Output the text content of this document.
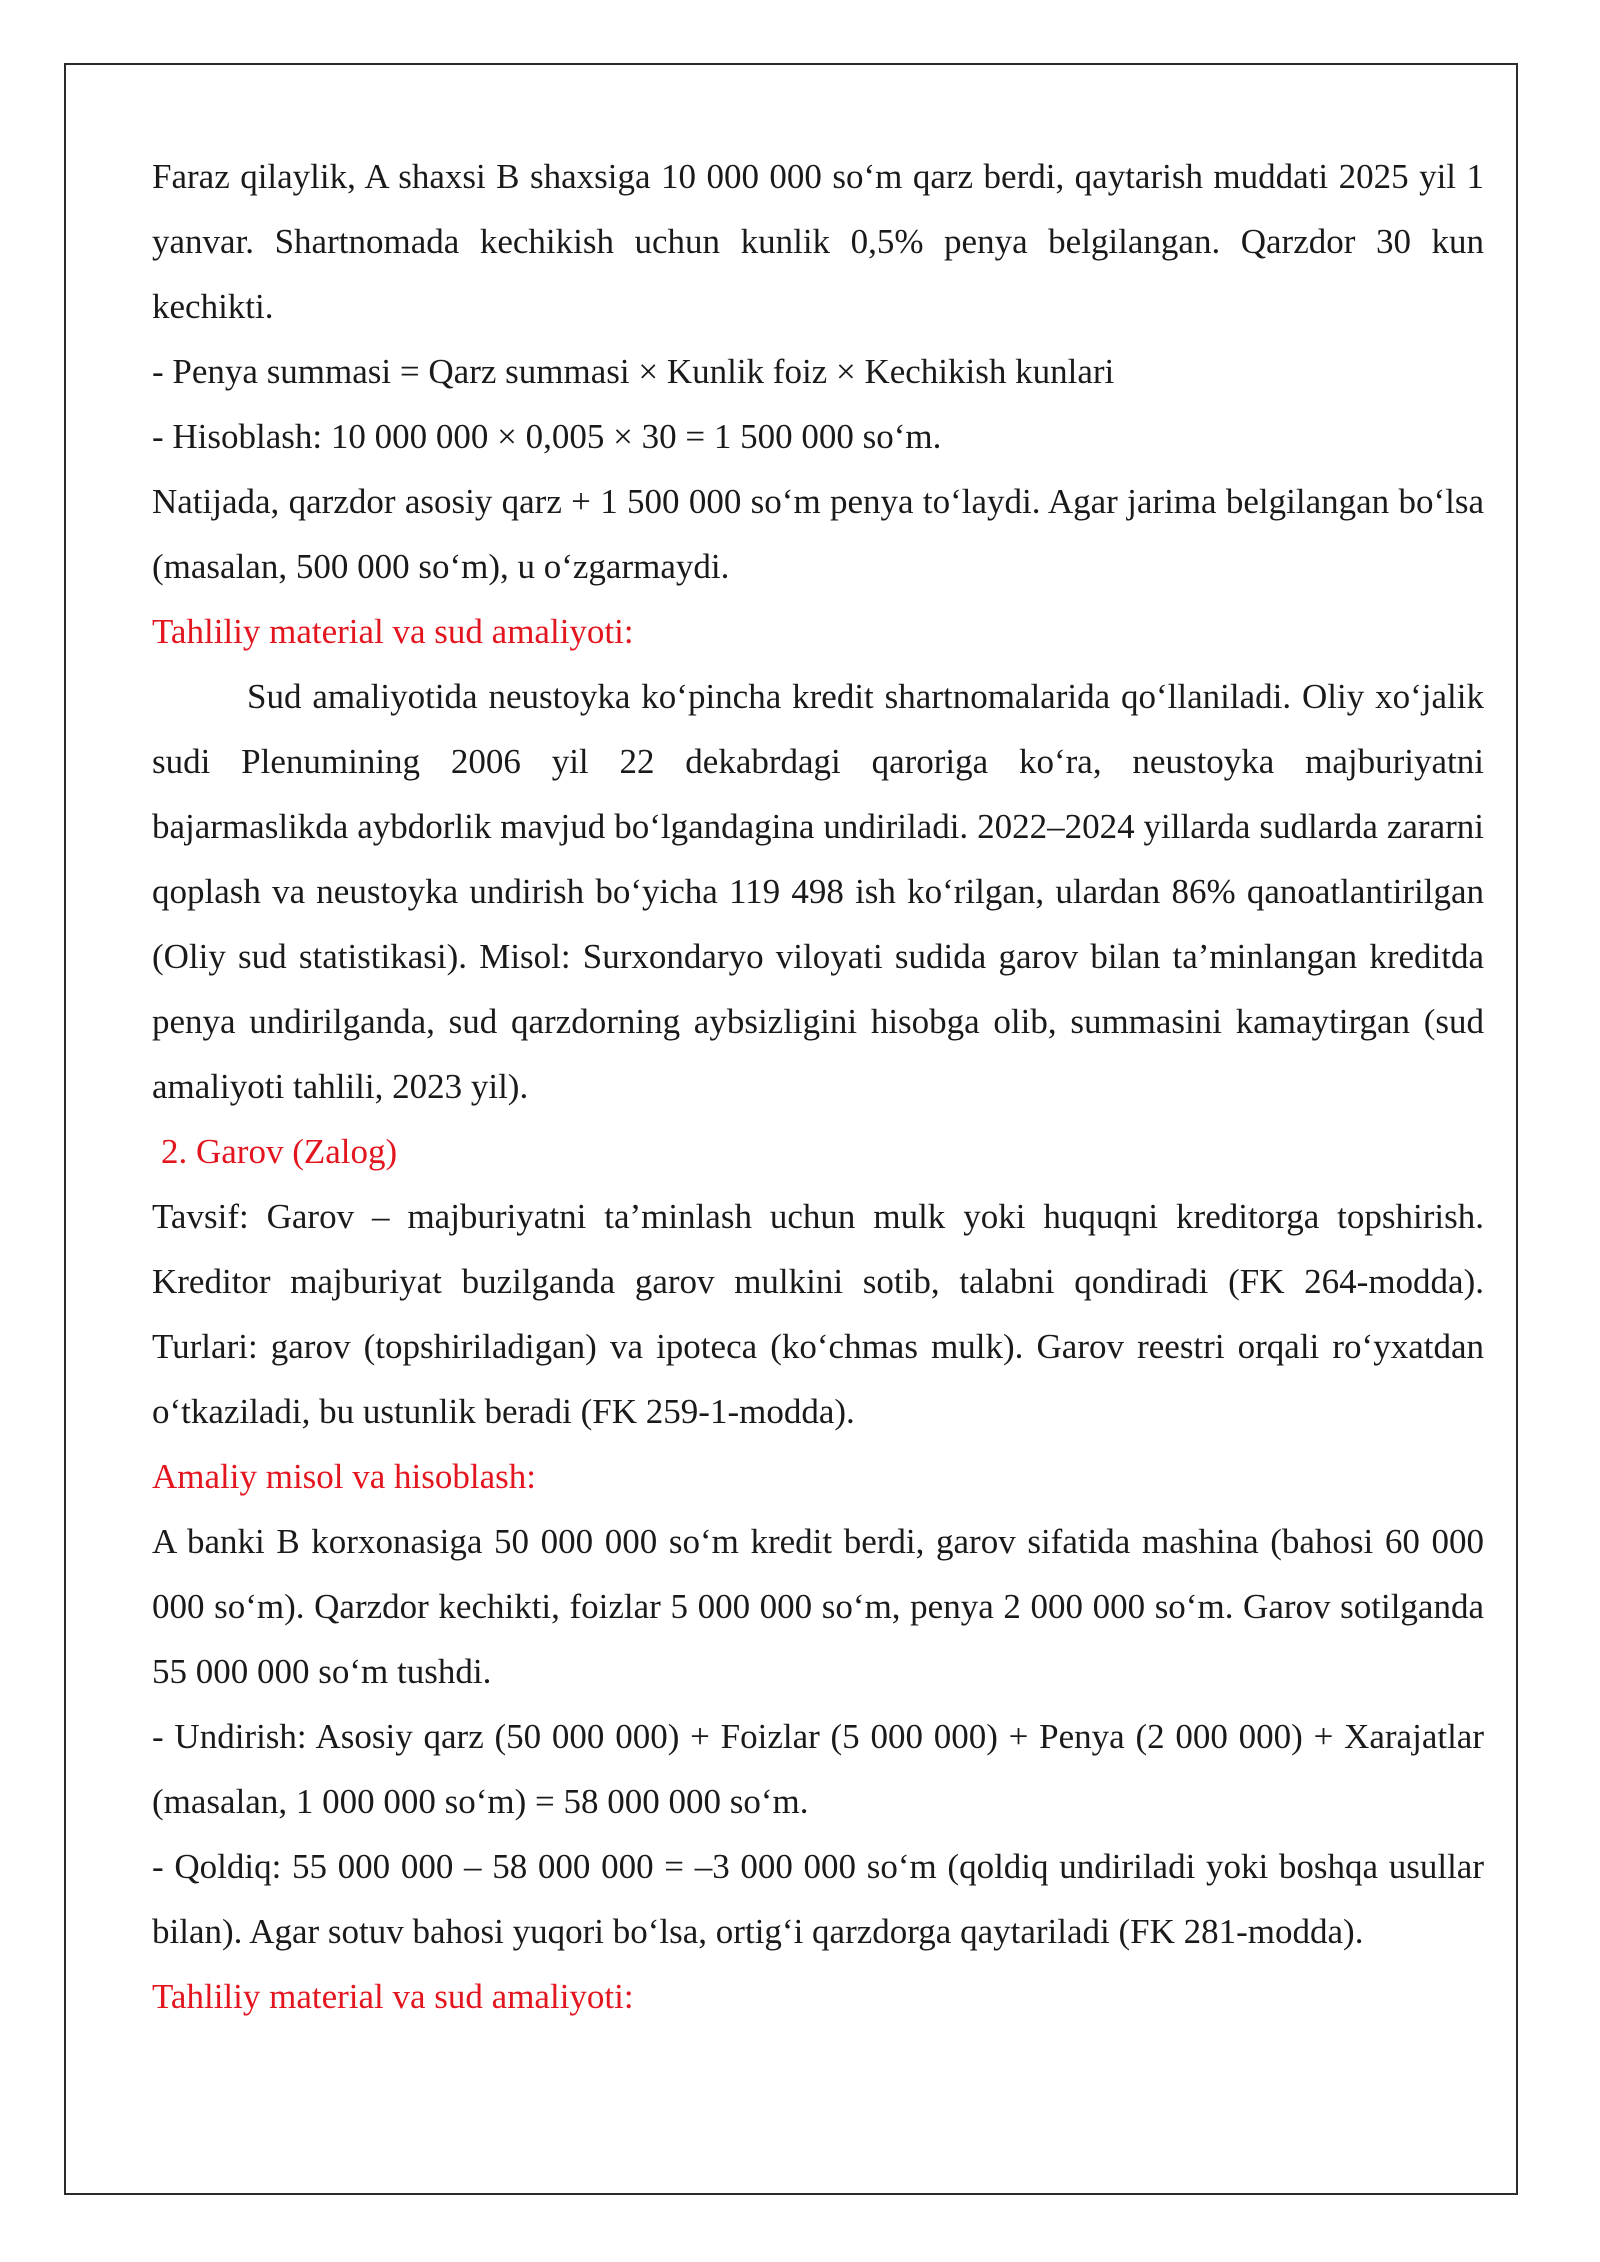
Faraz qilaylik, A shaxsi B shaxsiga 10 000 000 so‘m qarz berdi, qaytarish muddati 2025 yil 1 yanvar. Shartnomada kechikish uchun kunlik 0,5% penya belgilangan. Qarzdor 30 kun kechikti.

- Penya summasi = Qarz summasi × Kunlik foiz × Kechikish kunlari

- Hisoblash: 10 000 000 × 0,005 × 30 = 1 500 000 so‘m.

Natijada, qarzdor asosiy qarz + 1 500 000 so‘m penya to‘laydi. Agar jarima belgilangan bo‘lsa (masalan, 500 000 so‘m), u o‘zgarmaydi.

Tahliliy material va sud amaliyoti:

Sud amaliyotida neustoyka ko‘pincha kredit shartnomalarida qo‘llaniladi. Oliy xo‘jalik sudi Plenumining 2006 yil 22 dekabrdagi qaroriga ko‘ra, neustoyka majburiyatni bajarmaslikda aybdorlik mavjud bo‘lgandagina undiriladi. 2022–2024 yillarda sudlarda zararni qoplash va neustoyka undirish bo‘yicha 119 498 ish ko‘rilgan, ulardan 86% qanoatlantirilgan (Oliy sud statistikasi). Misol: Surxondaryo viloyati sudida garov bilan ta’minlangan kreditda penya undirilganda, sud qarzdorning aybsizligini hisobga olib, summasini kamaytirgan (sud amaliyoti tahlili, 2023 yil).

2. Garov (Zalog)

Tavsif: Garov – majburiyatni ta’minlash uchun mulk yoki huquqni kreditorga topshirish. Kreditor majburiyat buzilganda garov mulkini sotib, talabni qondiradi (FK 264-modda). Turlari: garov (topshiriladigan) va ipoteca (ko‘chmas mulk). Garov reestri orqali ro‘yxatdan o‘tkaziladi, bu ustunlik beradi (FK 259-1-modda).

Amaliy misol va hisoblash:

A banki B korxonasiga 50 000 000 so‘m kredit berdi, garov sifatida mashina (bahosi 60 000 000 so‘m). Qarzdor kechikti, foizlar 5 000 000 so‘m, penya 2 000 000 so‘m. Garov sotilganda 55 000 000 so‘m tushdi.

- Undirish: Asosiy qarz (50 000 000) + Foizlar (5 000 000) + Penya (2 000 000) + Xarajatlar (masalan, 1 000 000 so‘m) = 58 000 000 so‘m.

- Qoldiq: 55 000 000 – 58 000 000 = –3 000 000 so‘m (qoldiq undiriladi yoki boshqa usullar bilan). Agar sotuv bahosi yuqori bo‘lsa, ortig‘i qarzdorga qaytariladi (FK 281-modda).

Tahliliy material va sud amaliyoti:
